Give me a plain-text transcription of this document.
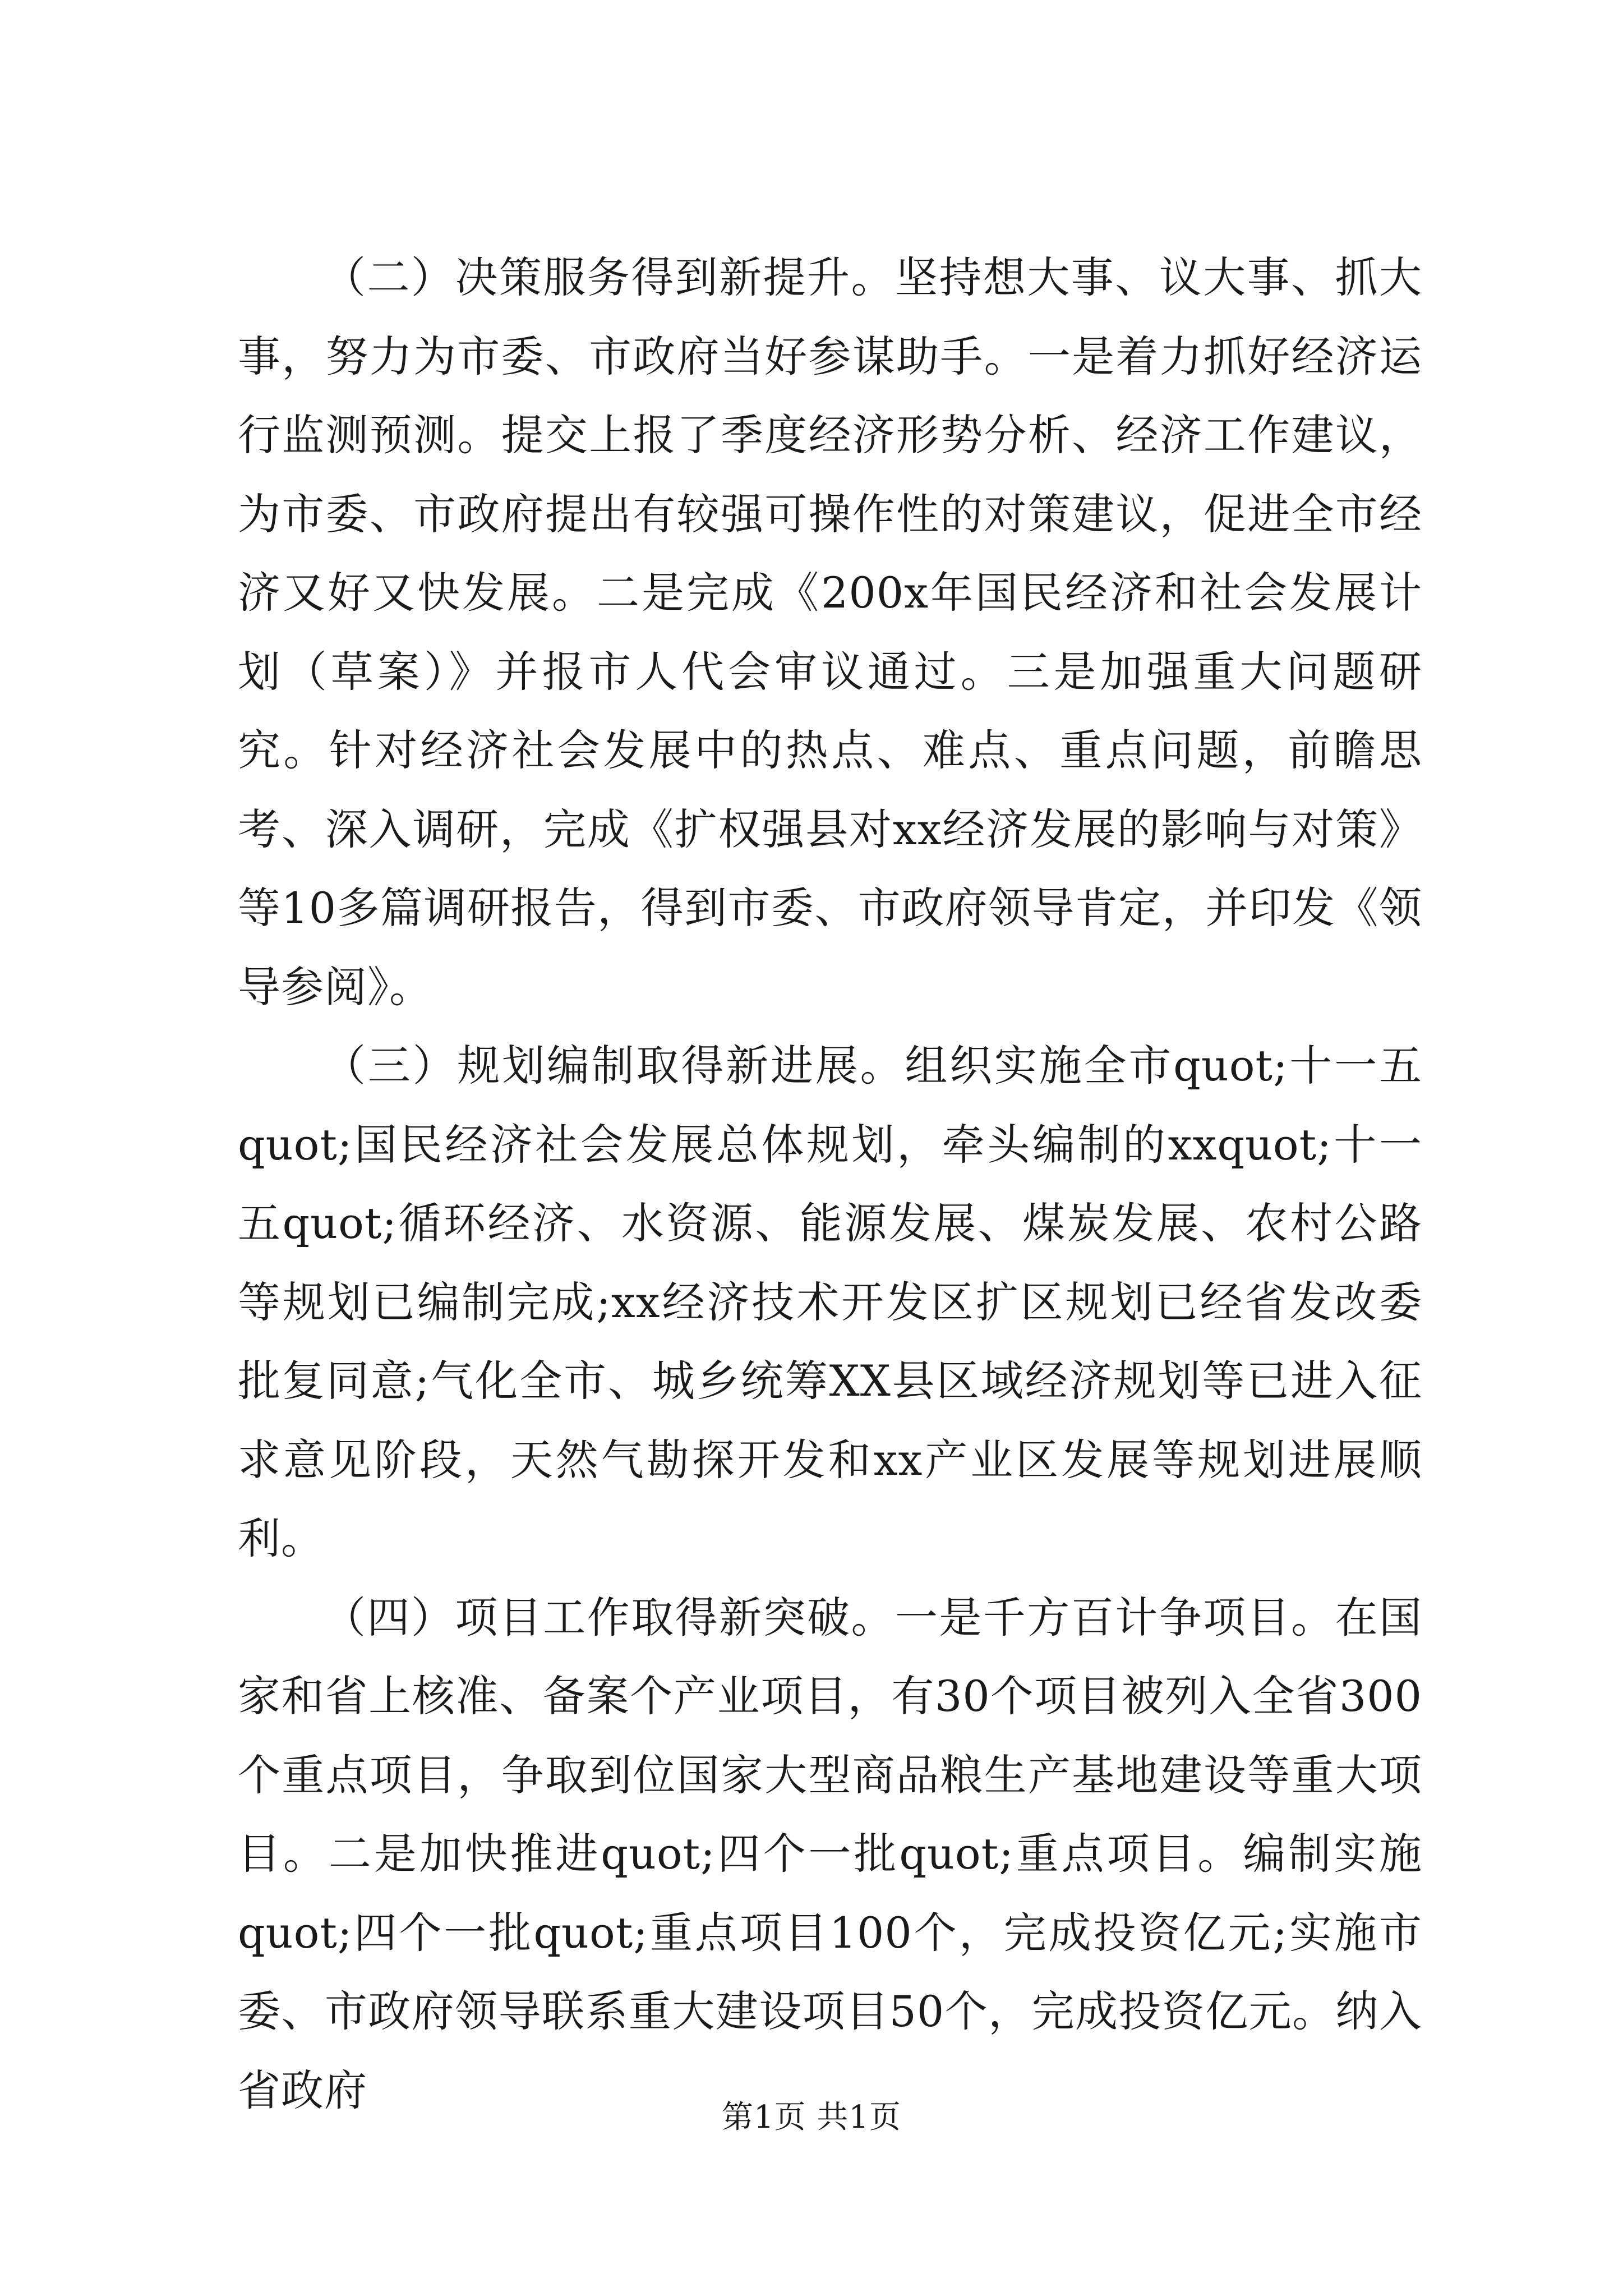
（二）决策服务得到新提升。坚持想大事、议大事、抓大事，努力为市委、市政府当好参谋助手。一是着力抓好经济运行监测预测。提交上报了季度经济形势分析、经济工作建议，为市委、市政府提出有较强可操作性的对策建议，促进全市经济又好又快发展。二是完成《200x年国民经济和社会发展计划（草案）》并报市人代会审议通过。三是加强重大问题研究。针对经济社会发展中的热点、难点、重点问题，前瞻思考、深入调研，完成《扩权强县对xx经济发展的影响与对策》等10多篇调研报告，得到市委、市政府领导肯定，并印发《领导参阅》。

（三）规划编制取得新进展。组织实施全市quot;十一五quot;国民经济社会发展总体规划，牵头编制的xxquot;十一五quot;循环经济、水资源、能源发展、煤炭发展、农村公路等规划已编制完成;xx经济技术开发区扩区规划已经省发改委批复同意;气化全市、城乡统筹XX县区域经济规划等已进入征求意见阶段，天然气勘探开发和xx产业区发展等规划进展顺利。

（四）项目工作取得新突破。一是千方百计争项目。在国家和省上核准、备案个产业项目，有30个项目被列入全省300个重点项目，争取到位国家大型商品粮生产基地建设等重大项目。二是加快推进quot;四个一批quot;重点项目。编制实施quot;四个一批quot;重点项目100个，完成投资亿元;实施市委、市政府领导联系重大建设项目50个，完成投资亿元。纳入省政府

第1页 共1页
